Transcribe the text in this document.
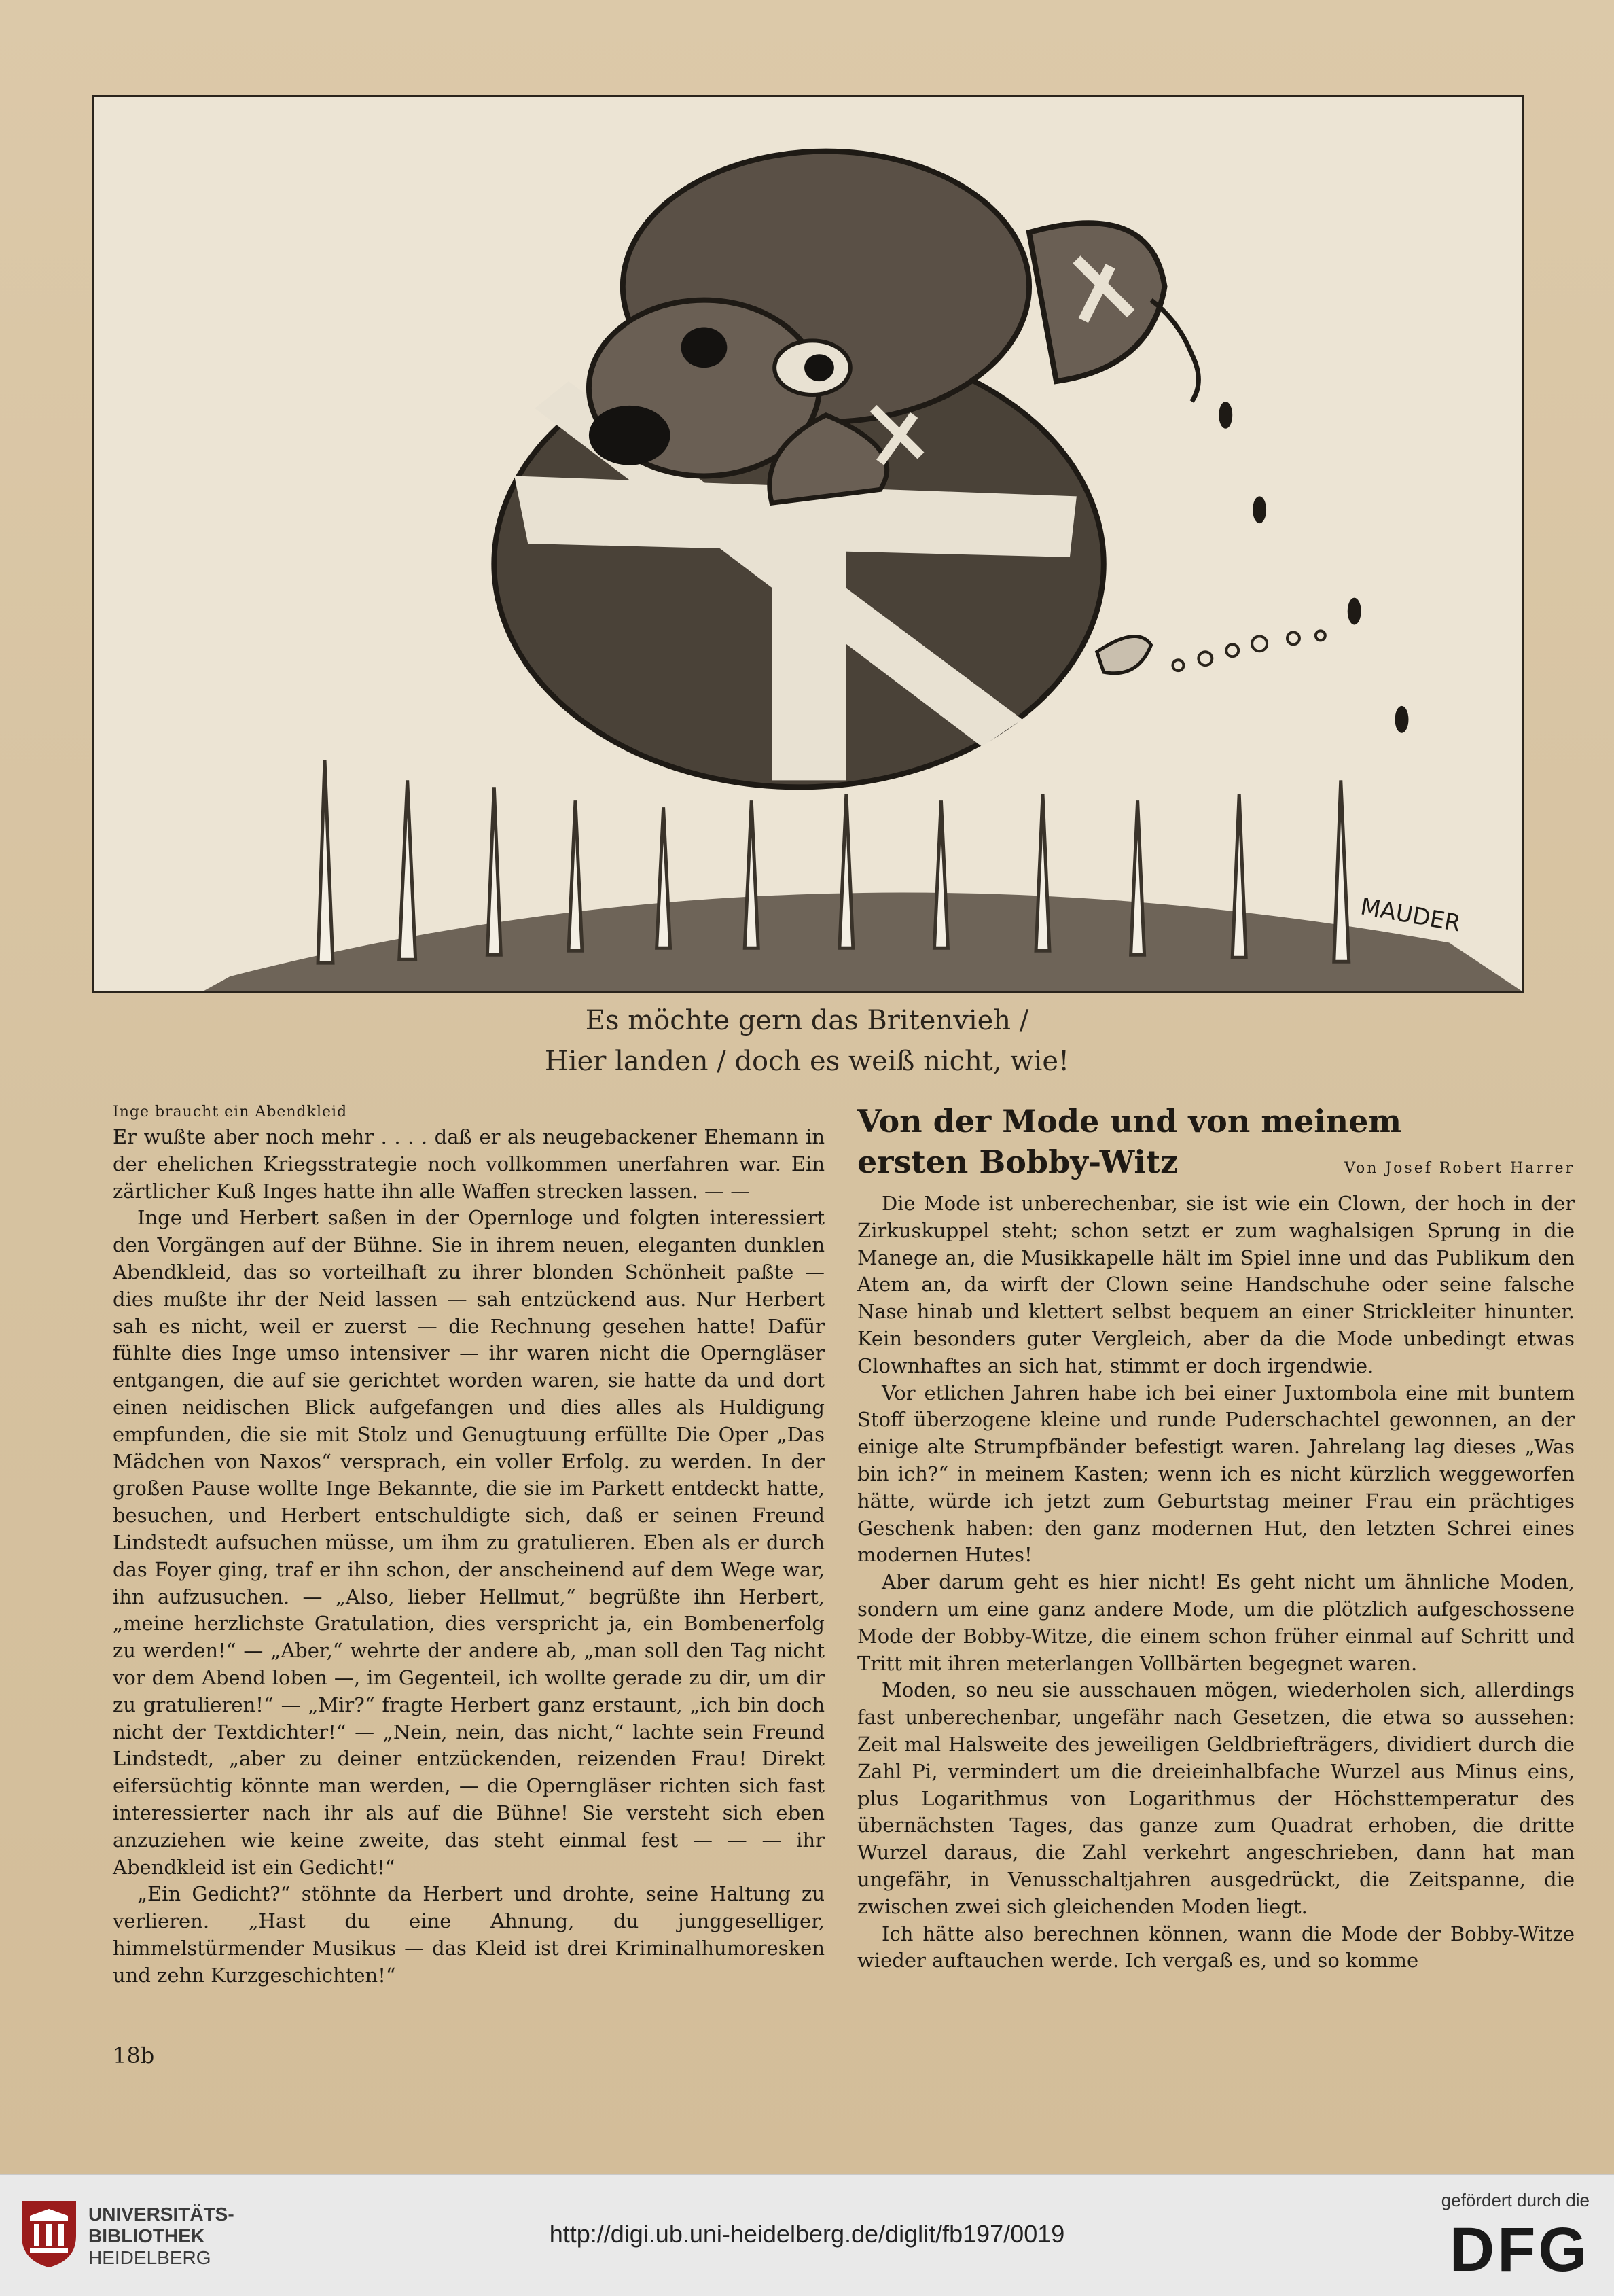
MAUDER
Es möchte gern das Britenvieh /
Hier landen / doch es weiß nicht, wie!
Inge braucht ein Abendkleid

Er wußte aber noch mehr . . . . daß er als neugebackener Ehemann in der ehelichen Kriegsstrategie noch vollkommen unerfahren war. Ein zärtlicher Kuß Inges hatte ihn alle Waffen strecken lassen. — —

Inge und Herbert saßen in der Opernloge und folgten interessiert den Vorgängen auf der Bühne. Sie in ihrem neuen, eleganten dunklen Abendkleid, das so vorteilhaft zu ihrer blonden Schönheit paßte — dies mußte ihr der Neid lassen — sah entzückend aus. Nur Herbert sah es nicht, weil er zuerst — die Rechnung gesehen hatte! Dafür fühlte dies Inge umso intensiver — ihr waren nicht die Operngläser entgangen, die auf sie gerichtet worden waren, sie hatte da und dort einen neidischen Blick aufgefangen und dies alles als Huldigung empfunden, die sie mit Stolz und Genugtuung erfüllte Die Oper „Das Mädchen von Naxos“ versprach, ein voller Erfolg. zu werden. In der großen Pause wollte Inge Bekannte, die sie im Parkett entdeckt hatte, besuchen, und Herbert entschuldigte sich, daß er seinen Freund Lindstedt aufsuchen müsse, um ihm zu gratulieren. Eben als er durch das Foyer ging, traf er ihn schon, der anscheinend auf dem Wege war, ihn aufzusuchen. — „Also, lieber Hellmut,“ begrüßte ihn Herbert, „meine herzlichste Gratulation, dies verspricht ja, ein Bombenerfolg zu werden!“ — „Aber,“ wehrte der andere ab, „man soll den Tag nicht vor dem Abend loben —, im Gegenteil, ich wollte gerade zu dir, um dir zu gratulieren!“ — „Mir?“ fragte Herbert ganz erstaunt, „ich bin doch nicht der Textdichter!“ — „Nein, nein, das nicht,“ lachte sein Freund Lindstedt, „aber zu deiner entzückenden, reizenden Frau! Direkt eifersüchtig könnte man werden, — die Operngläser richten sich fast interessierter nach ihr als auf die Bühne! Sie versteht sich eben anzuziehen wie keine zweite, das steht einmal fest — — — ihr Abendkleid ist ein Gedicht!“

„Ein Gedicht?“ stöhnte da Herbert und drohte, seine Haltung zu verlieren. „Hast du eine Ahnung, du junggeselliger, himmelstürmender Musikus — das Kleid ist drei Kriminalhumoresken und zehn Kurzgeschichten!“

18b
Von der Mode und von meinem
ersten Bobby-Witz	Von Josef Robert Harrer

Die Mode ist unberechenbar, sie ist wie ein Clown, der hoch in der Zirkuskuppel steht; schon setzt er zum waghalsigen Sprung in die Manege an, die Musikkapelle hält im Spiel inne und das Publikum den Atem an, da wirft der Clown seine Handschuhe oder seine falsche Nase hinab und klettert selbst bequem an einer Strickleiter hinunter. Kein besonders guter Vergleich, aber da die Mode unbedingt etwas Clownhaftes an sich hat, stimmt er doch irgendwie.

Vor etlichen Jahren habe ich bei einer Juxtombola eine mit buntem Stoff überzogene kleine und runde Puderschachtel gewonnen, an der einige alte Strumpfbänder befestigt waren. Jahrelang lag dieses „Was bin ich?“ in meinem Kasten; wenn ich es nicht kürzlich weggeworfen hätte, würde ich jetzt zum Geburtstag meiner Frau ein prächtiges Geschenk haben: den ganz modernen Hut, den letzten Schrei eines modernen Hutes!

Aber darum geht es hier nicht! Es geht nicht um ähnliche Moden, sondern um eine ganz andere Mode, um die plötzlich aufgeschossene Mode der Bobby-Witze, die einem schon früher einmal auf Schritt und Tritt mit ihren meterlangen Vollbärten begegnet waren.

Moden, so neu sie ausschauen mögen, wiederholen sich, allerdings fast unberechenbar, ungefähr nach Gesetzen, die etwa so aussehen: Zeit mal Halsweite des jeweiligen Geldbriefträgers, dividiert durch die Zahl Pi, vermindert um die dreieinhalbfache Wurzel aus Minus eins, plus Logarithmus von Logarithmus der Höchsttemperatur des übernächsten Tages, das ganze zum Quadrat erhoben, die dritte Wurzel daraus, die Zahl verkehrt angeschrieben, dann hat man ungefähr, in Venusschaltjahren ausgedrückt, die Zeitspanne, die zwischen zwei sich gleichenden Moden liegt.

Ich hätte also berechnen können, wann die Mode der Bobby-Witze wieder auftauchen werde. Ich vergaß es, und so komme

UNIVERSITÄTS-
BIBLIOTHEK
HEIDELBERG
http://digi.ub.uni-heidelberg.de/diglit/fb197/0019
gefördert durch die
DFG
